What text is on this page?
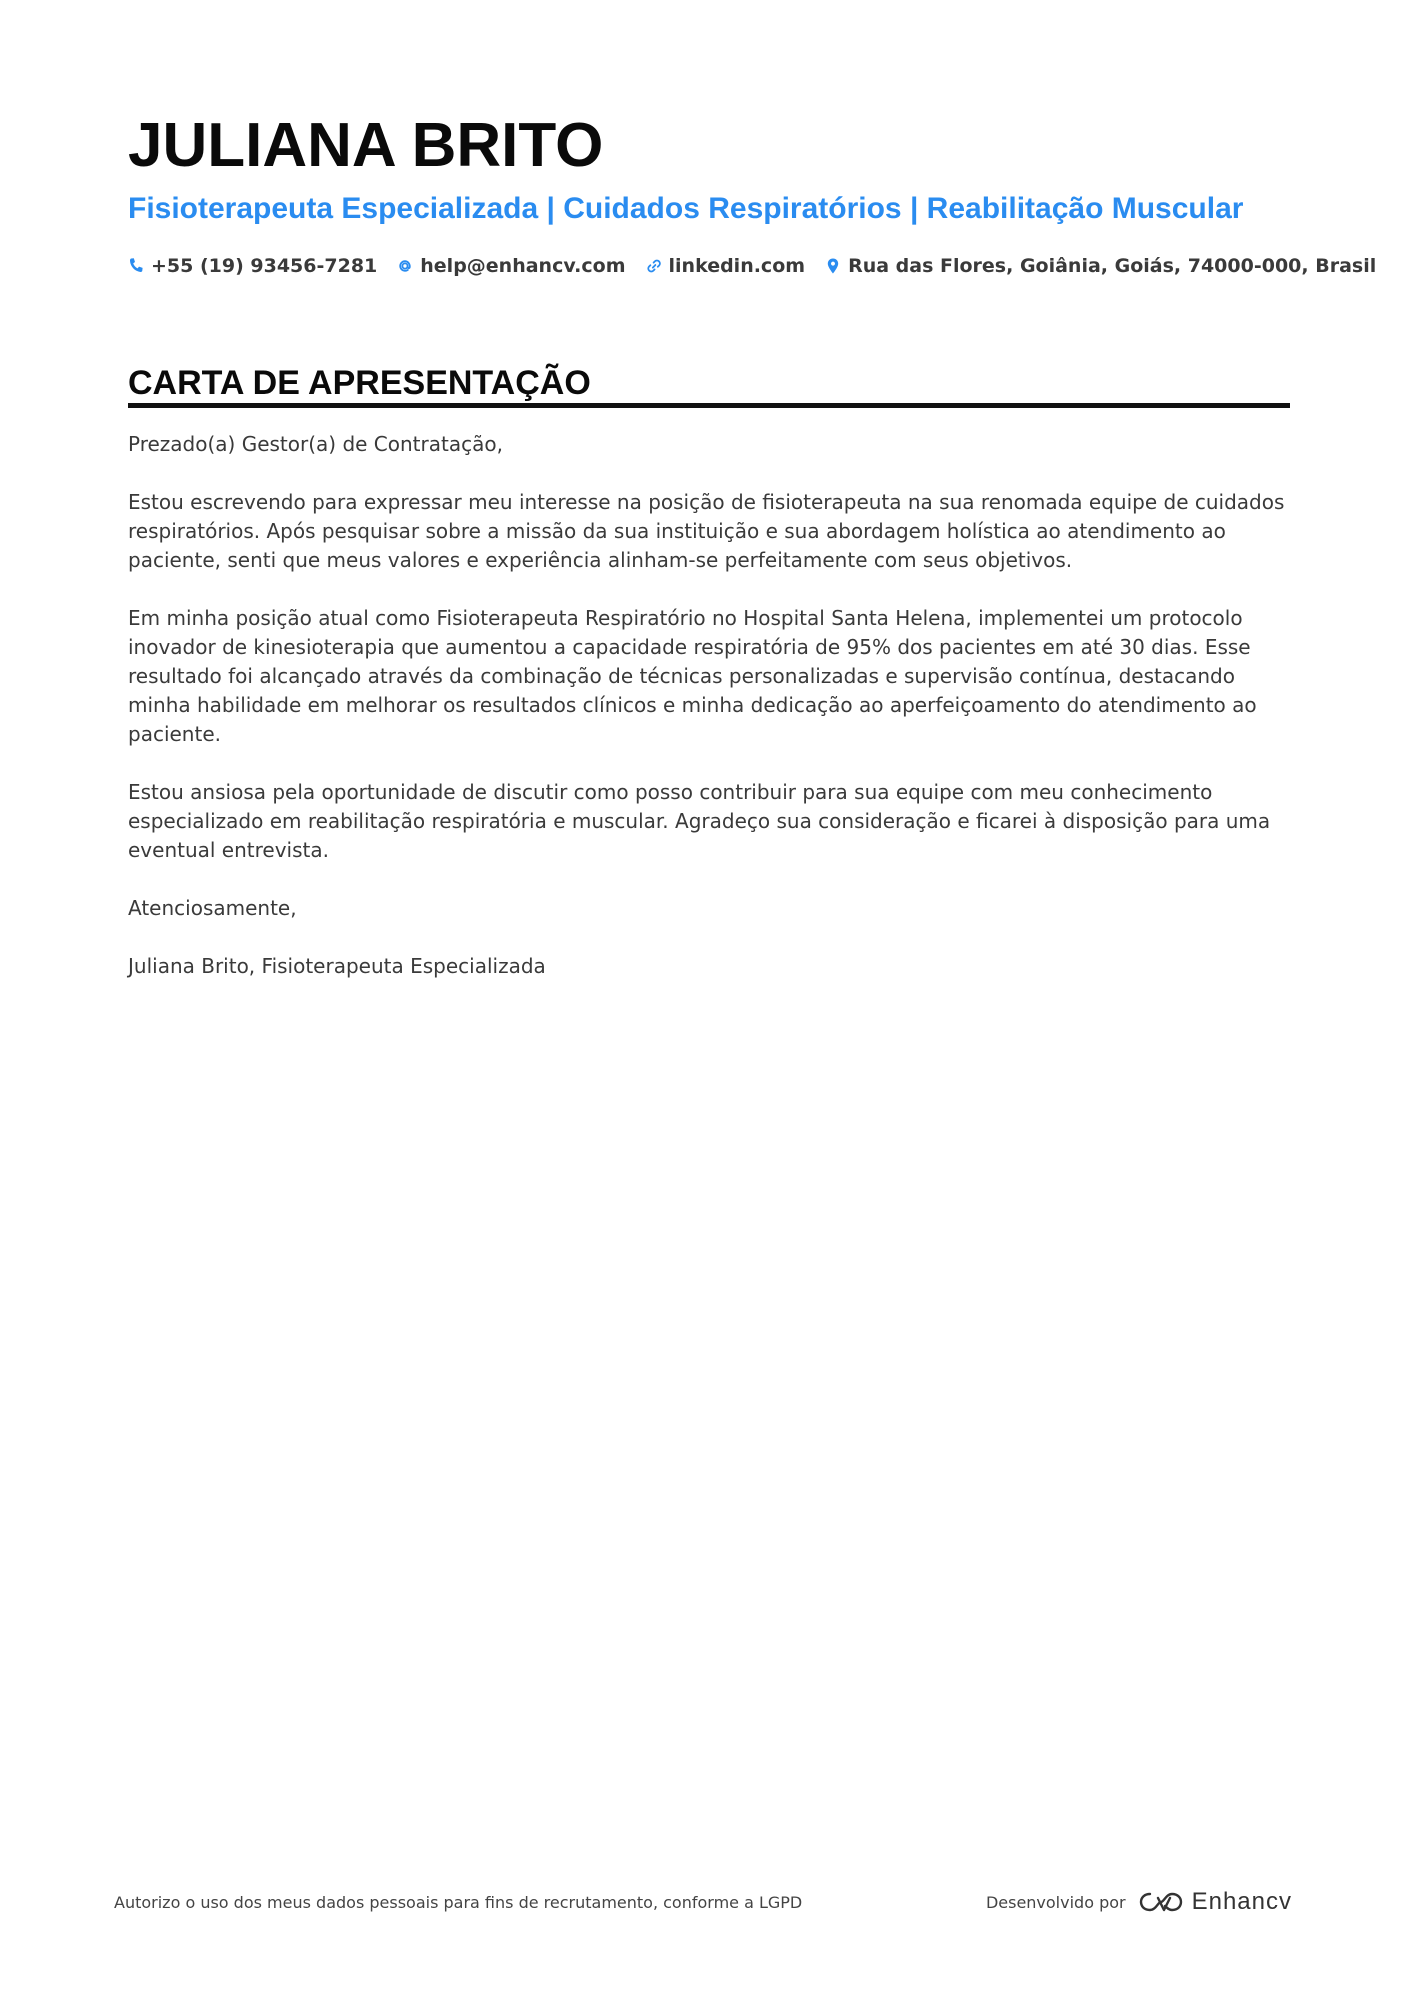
JULIANA BRITO
Fisioterapeuta Especializada | Cuidados Respiratórios | Reabilitação Muscular
+55 (19) 93456-7281 help@enhancv.com linkedin.com Rua das Flores, Goiânia, Goiás, 74000-000, Brasil
CARTA DE APRESENTAÇÃO

Prezado(a) Gestor(a) de Contratação,

Estou escrevendo para expressar meu interesse na posição de fisioterapeuta na sua renomada equipe de cuidados respiratórios. Após pesquisar sobre a missão da sua instituição e sua abordagem holística ao atendimento ao paciente, senti que meus valores e experiência alinham-se perfeitamente com seus objetivos.

Em minha posição atual como Fisioterapeuta Respiratório no Hospital Santa Helena, implementei um protocolo inovador de kinesioterapia que aumentou a capacidade respiratória de 95% dos pacientes em até 30 dias. Esse resultado foi alcançado através da combinação de técnicas personalizadas e supervisão contínua, destacando minha habilidade em melhorar os resultados clínicos e minha dedicação ao aperfeiçoamento do atendimento ao paciente.

Estou ansiosa pela oportunidade de discutir como posso contribuir para sua equipe com meu conhecimento especializado em reabilitação respiratória e muscular. Agradeço sua consideração e ficarei à disposição para uma eventual entrevista.

Atenciosamente,

Juliana Brito, Fisioterapeuta Especializada

Autorizo o uso dos meus dados pessoais para fins de recrutamento, conforme a LGPD	Desenvolvido por	Enhancv
